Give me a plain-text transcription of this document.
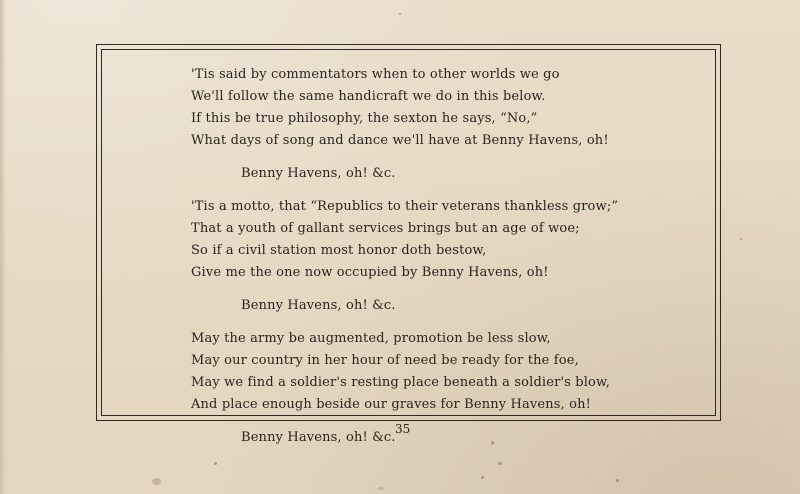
'Tis said by commentators when to other worlds we go
We'll follow the same handicraft we do in this below.
If this be true philosophy, the sexton he says, “No,”
What days of song and dance we'll have at Benny Havens, oh!
Benny Havens, oh! &c.
'Tis a motto, that “Republics to their veterans thankless grow;”
That a youth of gallant services brings but an age of woe;
So if a civil station most honor doth bestow,
Give me the one now occupied by Benny Havens, oh!
Benny Havens, oh! &c.
May the army be augmented, promotion be less slow,
May our country in her hour of need be ready for the foe,
May we find a soldier's resting place beneath a soldier's blow,
And place enough beside our graves for Benny Havens, oh!
Benny Havens, oh! &c.
35
